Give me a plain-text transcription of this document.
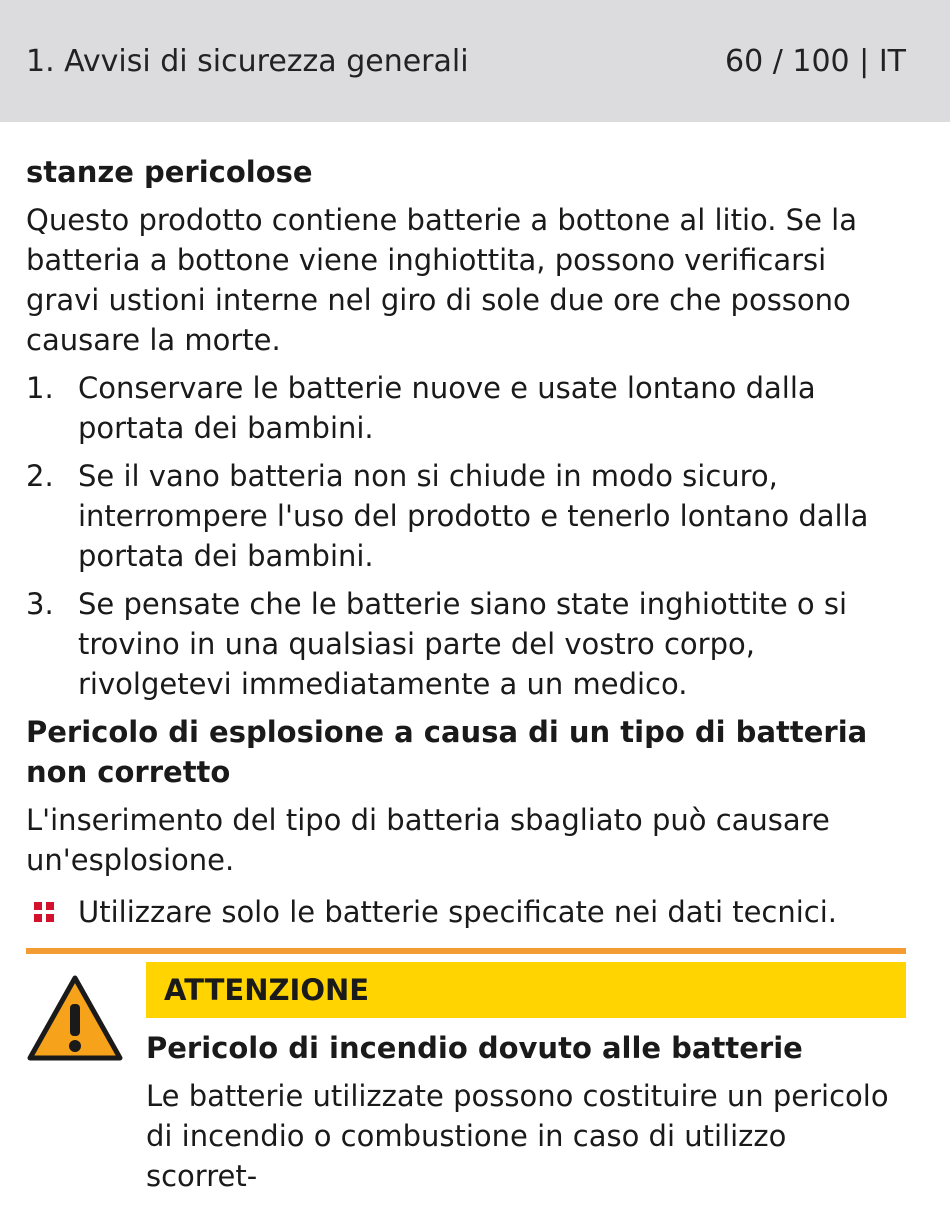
1. Avvisi di sicurezza generali	60 / 100 | IT

stanze pericolose

Questo prodotto contiene batterie a bottone al litio. Se la batteria a bottone viene inghiottita, possono verificarsi gravi ustioni interne nel giro di sole due ore che possono causare la morte.

1. Conservare le batterie nuove e usate lontano dalla portata dei bambini.
2. Se il vano batteria non si chiude in modo sicuro, interrompere l'uso del prodotto e tenerlo lontano dalla portata dei bambini.
3. Se pensate che le batterie siano state inghiottite o si trovino in una qualsiasi parte del vostro corpo, rivolgetevi immediatamente a un medico.

Pericolo di esplosione a causa di un tipo di batteria non corretto

L'inserimento del tipo di batteria sbagliato può causare un'esplosione.

Utilizzare solo le batterie specificate nei dati tecnici.
ATTENZIONE
Pericolo di incendio dovuto alle batterie
Le batterie utilizzate possono costituire un pericolo di incendio o combustione in caso di utilizzo scorret-
